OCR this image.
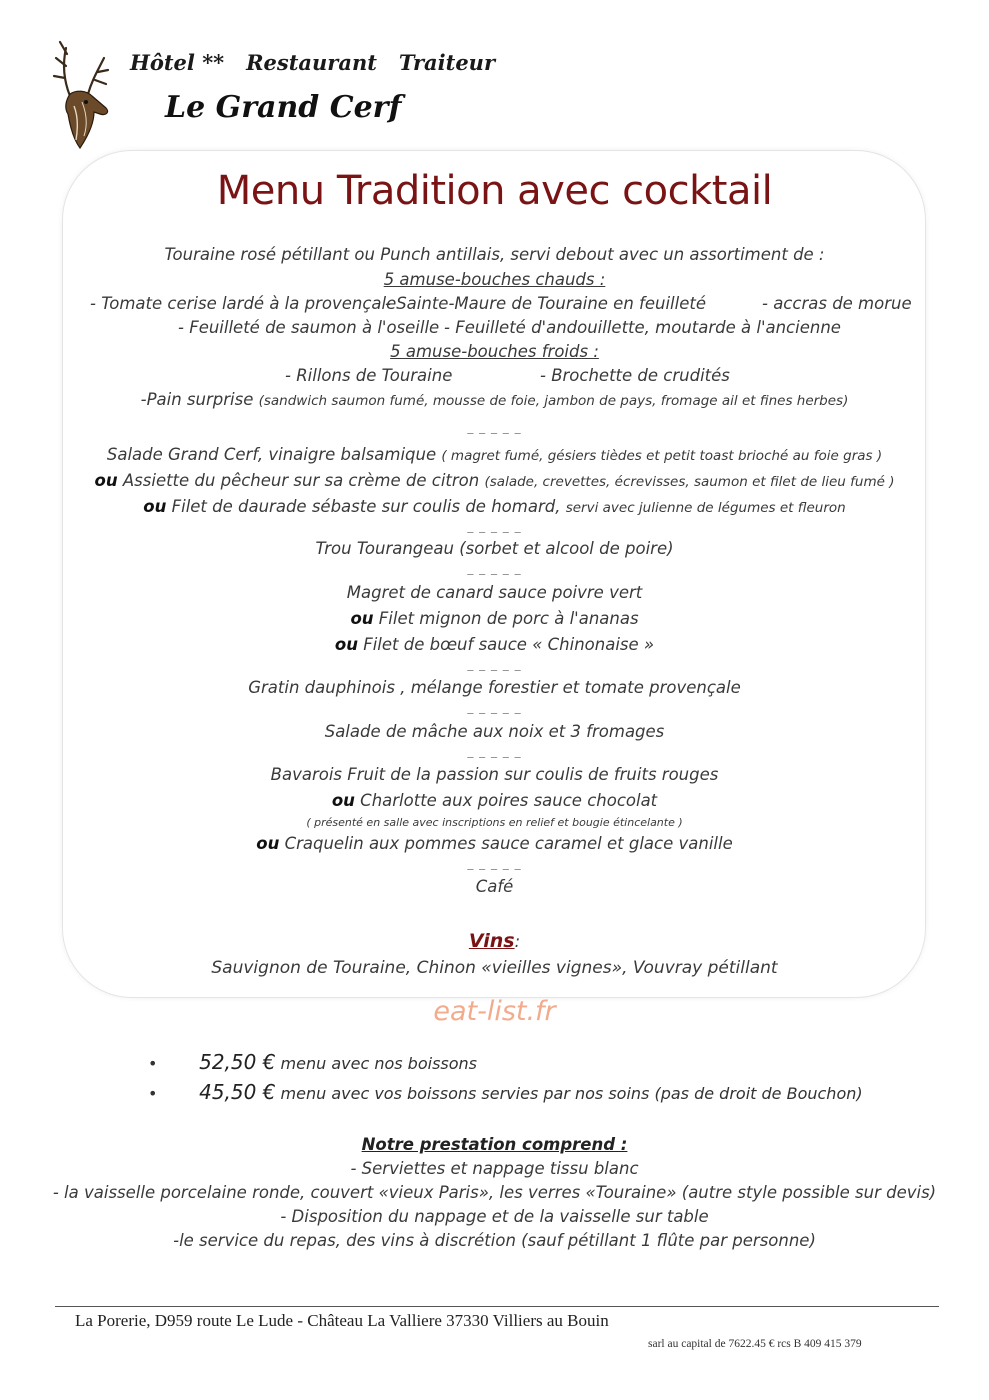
Hôtel **   Restaurant   Traiteur
Le Grand Cerf
Menu Tradition avec cocktail
Touraine rosé pétillant ou Punch antillais, servi debout avec un assortiment de :
5 amuse-bouches chauds :
- Tomate cerise lardé à la provençale
- Sainte-Maure de Touraine en feuilleté	- accras de morue
- Feuilleté de saumon à l'oseille - Feuilleté d'andouillette, moutarde à l'ancienne
5 amuse-bouches froids :
- Rillons de Touraine	- Brochette de crudités
-Pain surprise (sandwich saumon fumé, mousse de foie, jambon de pays, fromage ail et fines herbes)
_ _ _ _ _
Salade Grand Cerf, vinaigre balsamique ( magret fumé, gésiers tièdes et petit toast brioché au foie gras )
ou Assiette du pêcheur sur sa crème de citron (salade, crevettes, écrevisses, saumon et filet de lieu fumé )
ou Filet de daurade sébaste sur coulis de homard, servi avec julienne de légumes et fleuron
_ _ _ _ _
Trou Tourangeau (sorbet et alcool de poire)
_ _ _ _ _
Magret de canard sauce poivre vert
ou Filet mignon de porc à l'ananas
ou Filet de bœuf sauce « Chinonaise »
_ _ _ _ _
Gratin dauphinois , mélange forestier et tomate provençale
_ _ _ _ _
Salade de mâche aux noix et 3 fromages
_ _ _ _ _
Bavarois Fruit de la passion sur coulis de fruits rouges
ou Charlotte aux poires sauce chocolat
( présenté en salle avec inscriptions en relief et bougie étincelante )
ou Craquelin aux pommes sauce caramel et glace vanille
_ _ _ _ _
Café
Vins:
Sauvignon de Touraine, Chinon «vieilles vignes», Vouvray pétillant
eat-list.fr
• 52,50 € menu avec nos boissons
• 45,50 € menu avec vos boissons servies par nos soins (pas de droit de Bouchon)
Notre prestation comprend :
- Serviettes et nappage tissu blanc
- la vaisselle porcelaine ronde, couvert «vieux Paris», les verres «Touraine» (autre style possible sur devis)
- Disposition du nappage et de la vaisselle sur table
-le service du repas, des vins à discrétion (sauf pétillant 1 flûte par personne)
La Porerie, D959 route Le Lude - Château La Valliere 37330 Villiers au Bouin
sarl au capital de 7622.45 € rcs B 409 415 379
